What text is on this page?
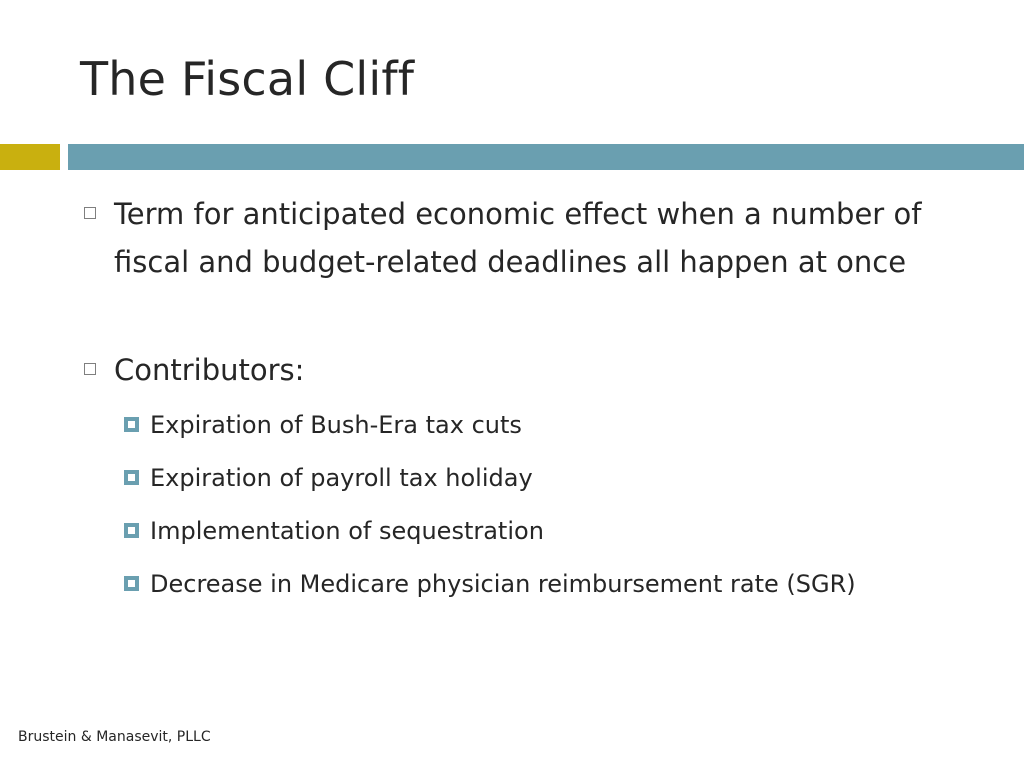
The Fiscal Cliff
Term for anticipated economic effect when a number of fiscal and budget-related deadlines all happen at once
Contributors:
Expiration of Bush-Era tax cuts
Expiration of payroll tax holiday
Implementation of sequestration
Decrease in Medicare physician reimbursement rate (SGR)
Brustein & Manasevit, PLLC
